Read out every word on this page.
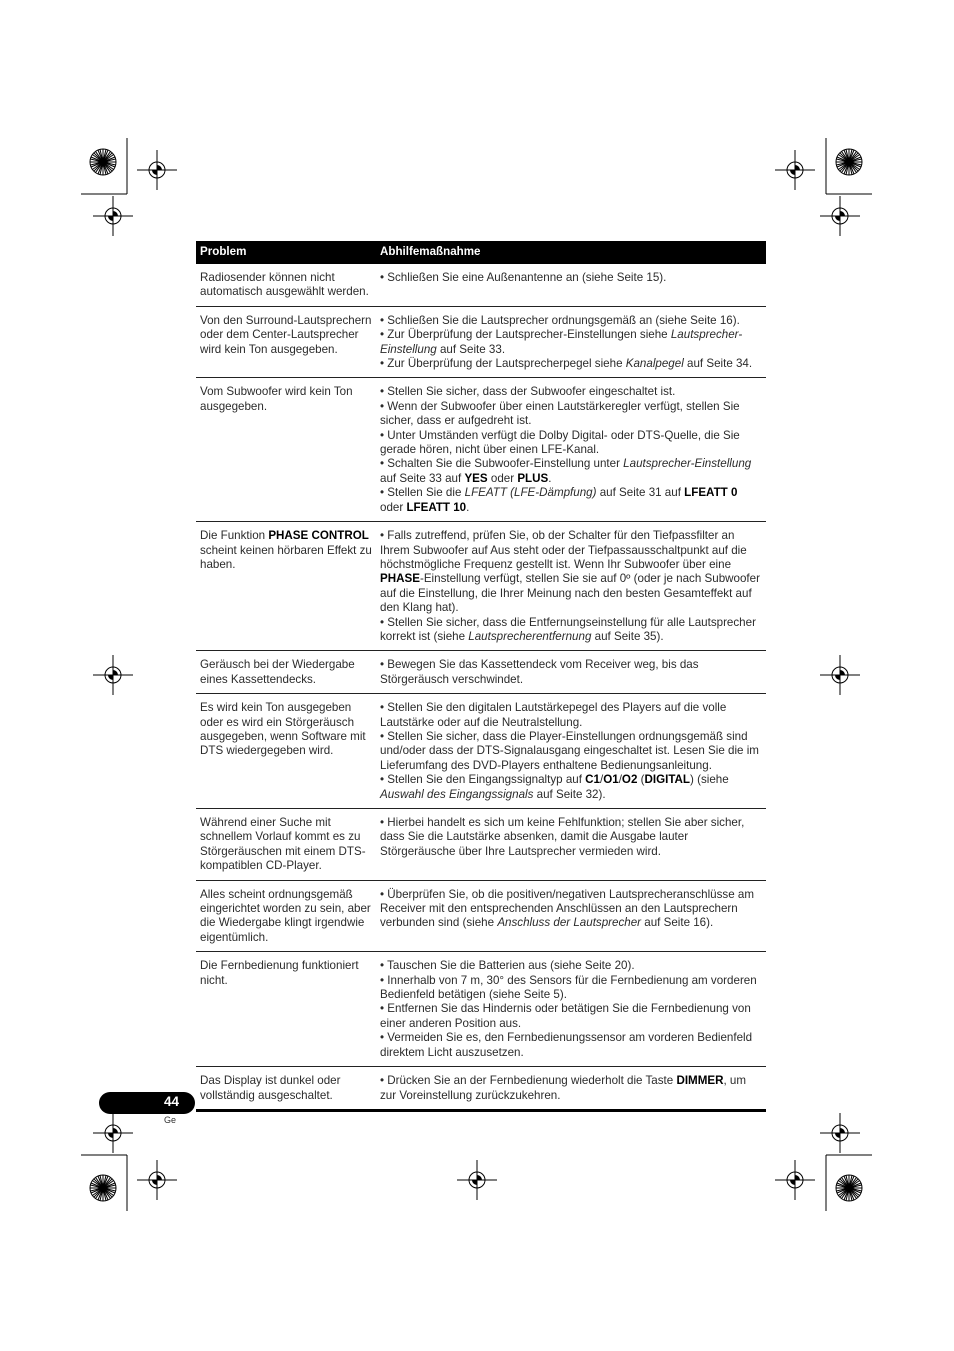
Problem	Abhilfemaßnahme

Radiosender können nicht automatisch ausgewählt werden.	• Schließen Sie eine Außenantenne an (siehe Seite 15).

Von den Surround-Lautsprechern oder dem Center-Lautsprecher wird kein Ton ausgegeben.	• Schließen Sie die Lautsprecher ordnungsgemäß an (siehe Seite 16).

• Zur Überprüfung der Lautsprecher-Einstellungen siehe Lautsprecher-Einstellung auf Seite 33.

• Zur Überprüfung der Lautsprecherpegel siehe Kanalpegel auf Seite 34.

Vom Subwoofer wird kein Ton ausgegeben.	• Stellen Sie sicher, dass der Subwoofer eingeschaltet ist.

• Wenn der Subwoofer über einen Lautstärkeregler verfügt, stellen Sie sicher, dass er aufgedreht ist.

• Unter Umständen verfügt die Dolby Digital- oder DTS-Quelle, die Sie gerade hören, nicht über einen LFE-Kanal.

• Schalten Sie die Subwoofer-Einstellung unter Lautsprecher-Einstellung auf Seite 33 auf YES oder PLUS.

• Stellen Sie die LFEATT (LFE-Dämpfung) auf Seite 31 auf LFEATT 0 oder LFEATT 10.

Die Funktion PHASE CONTROL scheint keinen hörbaren Effekt zu haben.	• Falls zutreffend, prüfen Sie, ob der Schalter für den Tiefpassfilter an Ihrem Subwoofer auf Aus steht oder der Tiefpassausschaltpunkt auf die höchstmögliche Frequenz gestellt ist. Wenn Ihr Subwoofer über eine PHASE-Einstellung verfügt, stellen Sie sie auf 0º (oder je nach Subwoofer auf die Einstellung, die Ihrer Meinung nach den besten Gesamteffekt auf den Klang hat).

• Stellen Sie sicher, dass die Entfernungseinstellung für alle Lautsprecher korrekt ist (siehe Lautsprecherentfernung auf Seite 35).

Geräusch bei der Wiedergabe eines Kassettendecks.	• Bewegen Sie das Kassettendeck vom Receiver weg, bis das Störgeräusch verschwindet.

Es wird kein Ton ausgegeben oder es wird ein Störgeräusch ausgegeben, wenn Software mit DTS wiedergegeben wird.	• Stellen Sie den digitalen Lautstärkepegel des Players auf die volle Lautstärke oder auf die Neutralstellung.

• Stellen Sie sicher, dass die Player-Einstellungen ordnungsgemäß sind und/oder dass der DTS-Signalausgang eingeschaltet ist. Lesen Sie die im Lieferumfang des DVD-Players enthaltene Bedienungsanleitung.

• Stellen Sie den Eingangssignaltyp auf C1/O1/O2 (DIGITAL) (siehe Auswahl des Eingangssignals auf Seite 32).

Während einer Suche mit schnellem Vorlauf kommt es zu Störgeräuschen mit einem DTS-kompatiblen CD-Player.	• Hierbei handelt es sich um keine Fehlfunktion; stellen Sie aber sicher, dass Sie die Lautstärke absenken, damit die Ausgabe lauter Störgeräusche über Ihre Lautsprecher vermieden wird.

Alles scheint ordnungsgemäß eingerichtet worden zu sein, aber die Wiedergabe klingt irgendwie eigentümlich.	• Überprüfen Sie, ob die positiven/negativen Lautsprecheranschlüsse am Receiver mit den entsprechenden Anschlüssen an den Lautsprechern verbunden sind (siehe Anschluss der Lautsprecher auf Seite 16).

Die Fernbedienung funktioniert nicht.	• Tauschen Sie die Batterien aus (siehe Seite 20).

• Innerhalb von 7 m, 30° des Sensors für die Fernbedienung am vorderen Bedienfeld betätigen (siehe Seite 5).

• Entfernen Sie das Hindernis oder betätigen Sie die Fernbedienung von einer anderen Position aus.

• Vermeiden Sie es, den Fernbedienungssensor am vorderen Bedienfeld direktem Licht auszusetzen.

Das Display ist dunkel oder vollständig ausgeschaltet.	• Drücken Sie an der Fernbedienung wiederholt die Taste DIMMER, um zur Voreinstellung zurückzukehren.

44
Ge
